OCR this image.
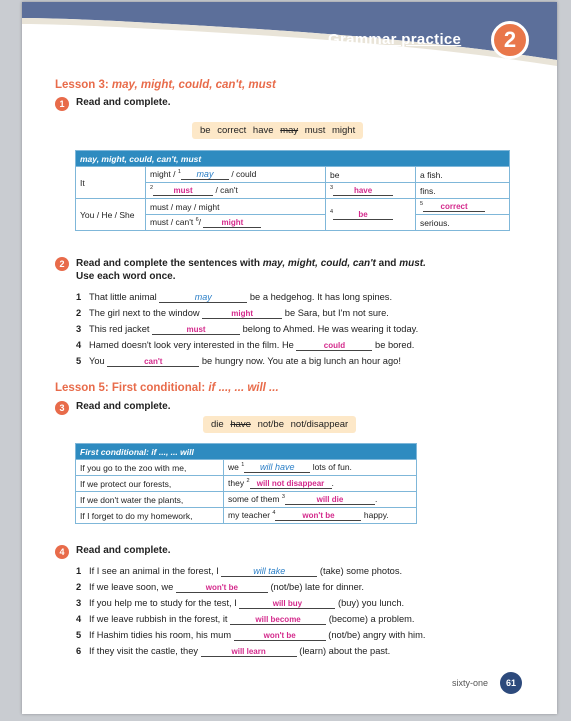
Grammar practice	2
Lesson 3: may, might, could, can't, must
1	Read and complete.
be correct have may must might
may, might, could, can't, must			
It	might / $^1$ may / could	be	a fish.
	$^2$ must / can't	$^3$ have	fins.
You / He / She	must / may / might	$^4$ be	$^5$ correct
	must / can't $^6$/ might		serious.
2	Read and complete the sentences with may, might, could, can't and must.
Use each word once.
1 That little animal	may	be a hedgehog. It has long spines.
2 The girl next to the window	might	be Sara, but I'm not sure.
3 This red jacket	must	belong to Ahmed. He was wearing it today.
4 Hamed doesn't look very interested in the film. He	could	be bored.
5 You	can't	be hungry now. You ate a big lunch an hour ago!
Lesson 5: First conditional: if ..., ... will ...
3	Read and complete.
die have not/be not/disappear
First conditional: if ..., ... will	
If you go to the zoo with me,	we $^1$ will have lots of fun.
If we protect our forests,	they $^2$ will not disappear .
If we don't water the plants,	some of them $^3$ will die .
If I forget to do my homework,	my teacher $^4$ won't be happy.
4	Read and complete.
1 If I see an animal in the forest, I	will take	(take) some photos.
2 If we leave soon, we	won't be	(not/be) late for dinner.
3 If you help me to study for the test, I	will buy	(buy) you lunch.
4 If we leave rubbish in the forest, it	will become	(become) a problem.
5 If Hashim tidies his room, his mum	won't be	(not/be) angry with him.
6 If they visit the castle, they	will learn	(learn) about the past.
sixty-one	61
